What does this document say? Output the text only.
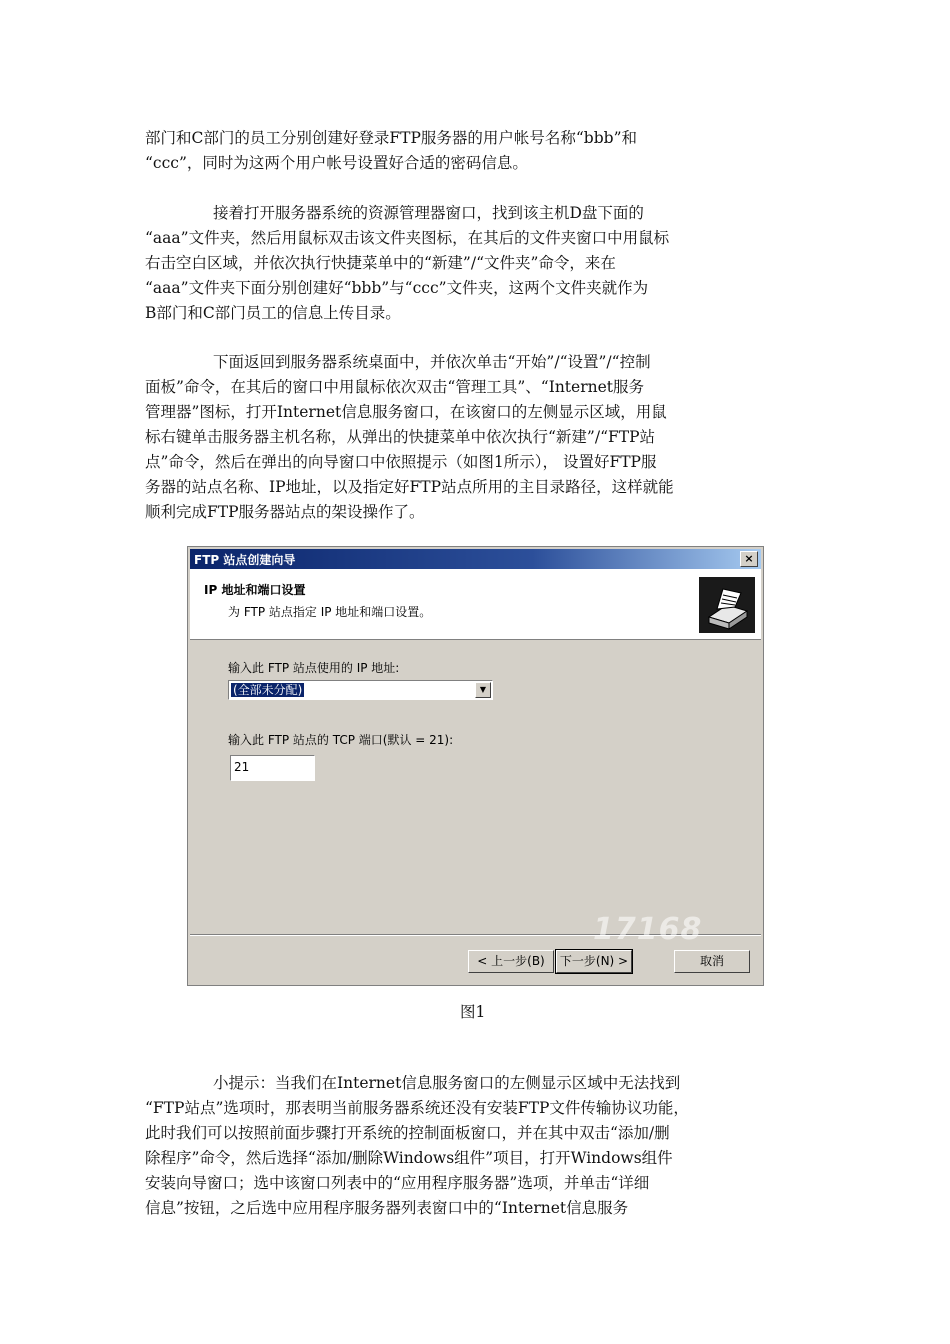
部门和C部门的员工分别创建好登录FTP服务器的用户帐号名称“bbb”和
“ccc”，同时为这两个用户帐号设置好合适的密码信息。
接着打开服务器系统的资源管理器窗口，找到该主机D盘下面的
“aaa”文件夹，然后用鼠标双击该文件夹图标，在其后的文件夹窗口中用鼠标
右击空白区域，并依次执行快捷菜单中的“新建”/“文件夹”命令，来在
“aaa”文件夹下面分别创建好“bbb”与“ccc”文件夹，这两个文件夹就作为
B部门和C部门员工的信息上传目录。
下面返回到服务器系统桌面中，并依次单击“开始”/“设置”/“控制
面板”命令，在其后的窗口中用鼠标依次双击“管理工具”、“Internet服务
管理器”图标，打开Internet信息服务窗口，在该窗口的左侧显示区域，用鼠
标右键单击服务器主机名称，从弹出的快捷菜单中依次执行“新建”/“FTP站
点”命令，然后在弹出的向导窗口中依照提示（如图1所示）， 设置好FTP服
务器的站点名称、IP地址，以及指定好FTP站点所用的主目录路径，这样就能
顺利完成FTP服务器站点的架设操作了。
FTP 站点创建向导	×
IP 地址和端口设置
为 FTP 站点指定 IP 地址和端口设置。
输入此 FTP 站点使用的 IP 地址:
(全部未分配)	▼
输入此 FTP 站点的 TCP 端口(默认 = 21):
21
17168
< 上一步(B)	下一步(N) >	取消
图1
小提示：当我们在Internet信息服务窗口的左侧显示区域中无法找到
“FTP站点”选项时，那表明当前服务器系统还没有安装FTP文件传输协议功能，
此时我们可以按照前面步骤打开系统的控制面板窗口，并在其中双击“添加/删
除程序”命令，然后选择“添加/删除Windows组件”项目，打开Windows组件
安装向导窗口；选中该窗口列表中的“应用程序服务器”选项，并单击“详细
信息”按钮，之后选中应用程序服务器列表窗口中的“Internet信息服务
